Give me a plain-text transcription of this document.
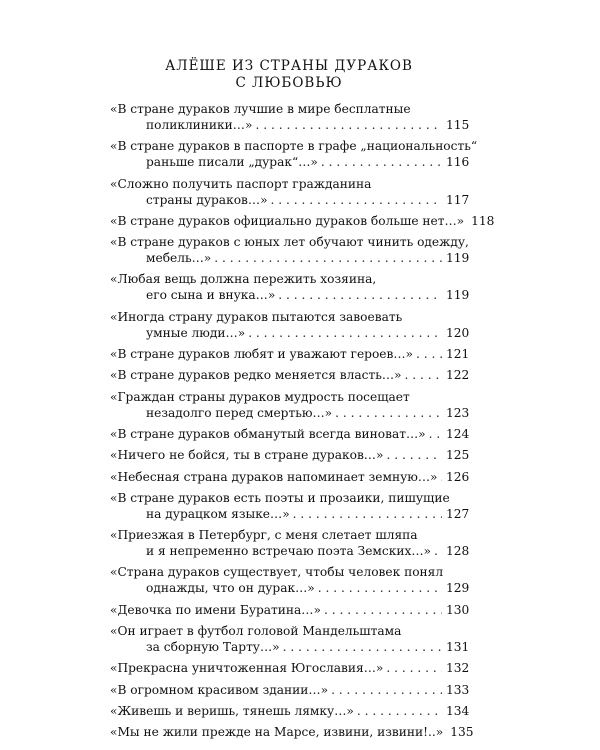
АЛЁШЕ ИЗ СТРАНЫ ДУРАКОВ
С ЛЮБОВЬЮ
«В стране дураков лучшие в мире бесплатные
поликлиники…» . . .	115
«В стране дураков в паспорте в графе „национальность“
раньше писали „дурак“…» . . .	116
«Сложно получить паспорт гражданина
страны дураков…» . . .	117
«В стране дураков официально дураков больше нет…» 118
«В стране дураков с юных лет обучают чинить одежду,
мебель…» . . .	119
«Любая вещь должна пережить хозяина,
его сына и внука…» . . .	119
«Иногда страну дураков пытаются завоевать
умные люди…» . . .	120
«В стране дураков любят и уважают героев…» . . .	121
«В стране дураков редко меняется власть…» . . .	122
«Граждан страны дураков мудрость посещает
незадолго перед смертью…» . . .	123
«В стране дураков обманутый всегда виноват…» . . . 124
«Ничего не бойся, ты в стране дураков…» . . .	125
«Небесная страна дураков напоминает земную…» . . . 126
«В стране дураков есть поэты и прозаики, пишущие
на дурацком языке…» . . .	127
«Приезжая в Петербург, с меня слетает шляпа
и я непременно встречаю поэта Земских…» . . . 128
«Страна дураков существует, чтобы человек понял
однажды, что он дурак…» . . .	129
«Девочка по имени Буратина…» . . .	130
«Он играет в футбол головой Мандельштама
за сборную Тарту…» . . .	131
«Прекрасна уничтоженная Югославия…» . . .	132
«В огромном красивом здании…» . . .	133
«Живешь и веришь, тянешь лямку…» . . .	134
«Мы не жили прежде на Марсе, извини, извини!..» 135
